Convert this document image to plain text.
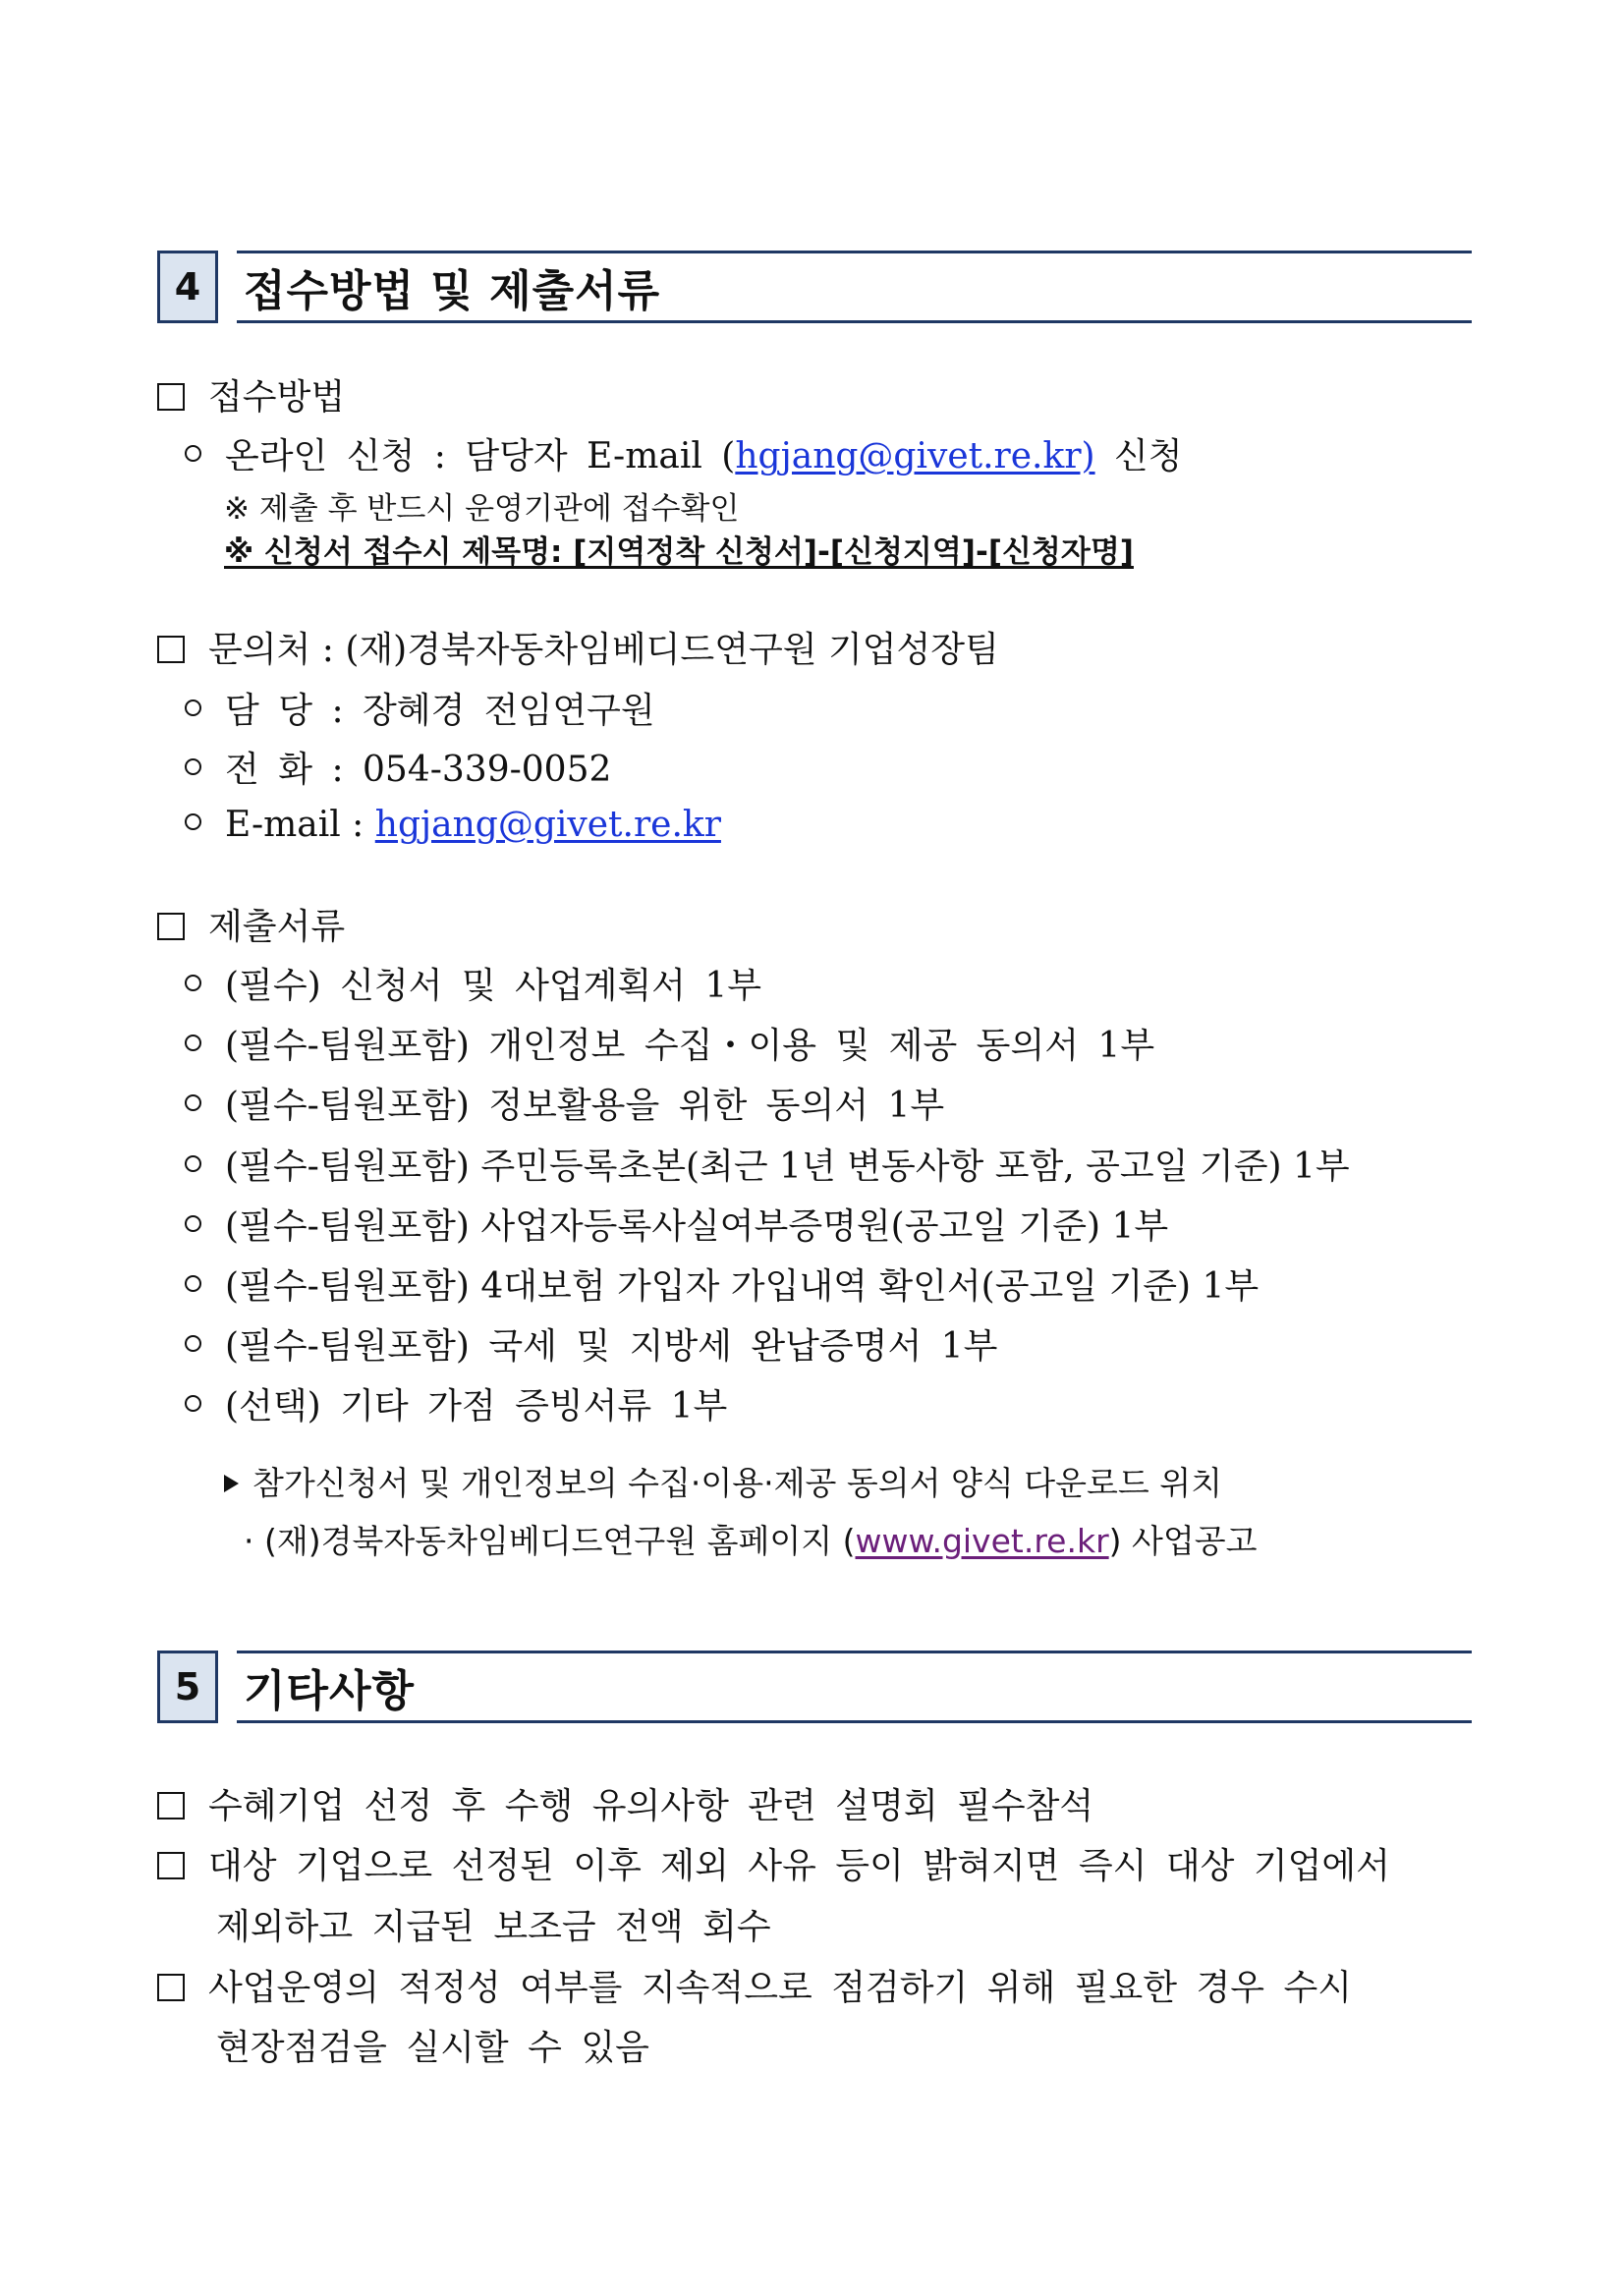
4 접수방법 및 제출서류
접수방법
온라인 신청 : 담당자 E-mail (hgjang@givet.re.kr) 신청
※ 제출 후 반드시 운영기관에 접수확인
※ 신청서 접수시 제목명: [지역정착 신청서]-[신청지역]-[신청자명]
문의처 : (재)경북자동차임베디드연구원 기업성장팀
담 당 : 장혜경 전임연구원
전 화 : 054-339-0052
E-mail : hgjang@givet.re.kr
제출서류
(필수) 신청서 및 사업계획서 1부
(필수-팀원포함) 개인정보 수집・이용 및 제공 동의서 1부
(필수-팀원포함) 정보활용을 위한 동의서 1부
(필수-팀원포함) 주민등록초본(최근 1년 변동사항 포함, 공고일 기준) 1부
(필수-팀원포함) 사업자등록사실여부증명원(공고일 기준) 1부
(필수-팀원포함) 4대보험 가입자 가입내역 확인서(공고일 기준) 1부
(필수-팀원포함) 국세 및 지방세 완납증명서 1부
(선택) 기타 가점 증빙서류 1부
참가신청서 및 개인정보의 수집·이용·제공 동의서 양식 다운로드 위치
· (재)경북자동차임베디드연구원 홈페이지 (www.givet.re.kr) 사업공고
5 기타사항
수혜기업 선정 후 수행 유의사항 관련 설명회 필수참석
대상 기업으로 선정된 이후 제외 사유 등이 밝혀지면 즉시 대상 기업에서
제외하고 지급된 보조금 전액 회수
사업운영의 적정성 여부를 지속적으로 점검하기 위해 필요한 경우 수시
현장점검을 실시할 수 있음
